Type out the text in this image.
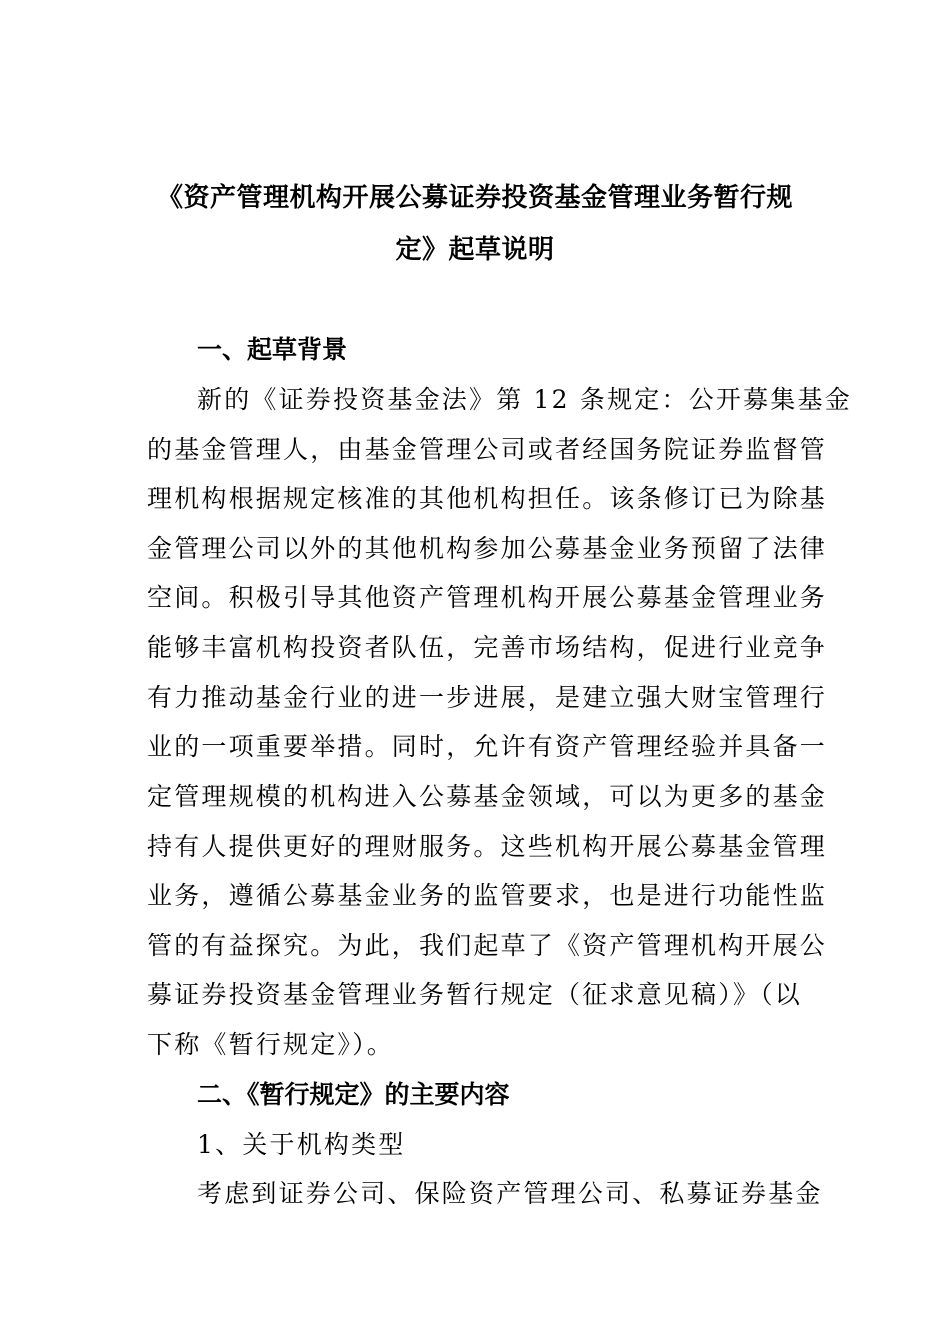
《资产管理机构开展公募证券投资基金管理业务暂行规
定》起草说明
一、起草背景
新的《证券投资基金法》第 12 条规定：公开募集基金
的基金管理人，由基金管理公司或者经国务院证券监督管
理机构根据规定核准的其他机构担任。该条修订已为除基
金管理公司以外的其他机构参加公募基金业务预留了法律
空间。积极引导其他资产管理机构开展公募基金管理业务
能够丰富机构投资者队伍，完善市场结构，促进行业竞争
有力推动基金行业的进一步进展，是建立强大财宝管理行
业的一项重要举措。同时，允许有资产管理经验并具备一
定管理规模的机构进入公募基金领域，可以为更多的基金
持有人提供更好的理财服务。这些机构开展公募基金管理
业务，遵循公募基金业务的监管要求，也是进行功能性监
管的有益探究。为此，我们起草了《资产管理机构开展公
募证券投资基金管理业务暂行规定（征求意见稿）》（以
下称《暂行规定》）。
二、《暂行规定》的主要内容
1、关于机构类型
考虑到证券公司、保险资产管理公司、私募证券基金
